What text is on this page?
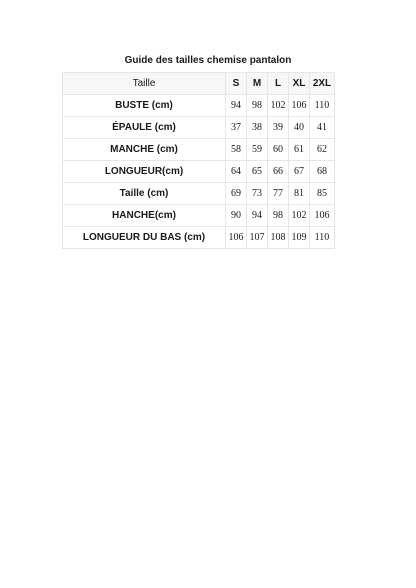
Guide des tailles chemise pantalon
Taille	S	M	L	XL	2XL
BUSTE (cm)	94	98	102	106	110
ÉPAULE (cm)	37	38	39	40	41
MANCHE (cm)	58	59	60	61	62
LONGUEUR(cm)	64	65	66	67	68
Taille (cm)	69	73	77	81	85
HANCHE(cm)	90	94	98	102	106
LONGUEUR DU BAS (cm)	106	107	108	109	110
